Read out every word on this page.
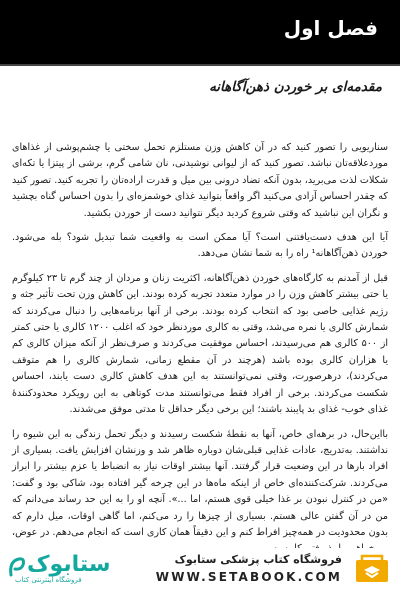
فصل اول
مقدمه‌ای بر خوردن ذهن‌آگاهانه

سناریویی را تصور کنید که در آن کاهش وزن مستلزم تحمل سختی یا چشم‌پوشی از غذاهای موردعلاقه‌تان نباشد. تصور کنید که از لیوانی نوشیدنی، نان شامی گرم، برشی از پیتزا یا تکه‌ای شکلات لذت می‌برید، بدون آنکه تضاد درونی بین میل و قدرت اراده‌تان را تجربه کنید. تصور کنید که چقدر احساس آزادی می‌کنید اگر واقعاً بتوانید غذای خوشمزه‌ای را بدون احساس گناه بچشید و نگران این نباشید که وقتی شروع کردید دیگر نتوانید دست از خوردن بکشید.

آیا این هدف دست‌یافتنی است؟ آیا ممکن است به واقعیت شما تبدیل شود؟ بله می‌شود. خوردن ذهن‌آگاهانه¹ راه را به شما نشان می‌دهد.

قبل از آمدنم به کارگاه‌های خوردن ذهن‌آگاهانه، اکثریت زنان و مردان از چند گرم تا ۲۳ کیلوگرم یا حتی بیشتر کاهش وزن را در موارد متعدد تجربه کرده بودند. این کاهش وزن تحت تأثیر جثه و رژیم غذایی خاصی بود که انتخاب کرده بودند. برخی از آنها برنامه‌هایی را دنبال می‌کردند که شمارش کالری یا نمره می‌شد، وقتی به کالری موردنظر خود که اغلب ۱۲۰۰ کالری یا حتی کمتر از ۵۰۰ کالری هم می‌رسیدند، احساس موفقیت می‌کردند و صرف‌نظر از آنکه میزان کالری کم یا هزاران کالری بوده باشد (هرچند در آن مقطع زمانی، شمارش کالری را هم متوقف می‌کردند)، درهرصورت، وقتی نمی‌توانستند به این هدف کاهش کالری دست یابند، احساس شکست می‌کردند. برخی از افراد فقط می‌توانستند مدت کوتاهی به این رویکرد محدودکنندهٔ غذای خوب- غذای بد پایبند باشند؛ این برخی دیگر حداقل تا مدتی موفق می‌شدند.

بااین‌حال، در برهه‌ای خاص، آنها به نقطهٔ شکست رسیدند و دیگر تحمل زندگی به این شیوه را نداشتند. به‌تدریج، عادات غذایی قبلی‌شان دوباره ظاهر شد و وزنشان افزایش یافت. بسیاری از افراد بارها در این وضعیت قرار گرفتند. آنها بیشتر اوقات نیاز به انضباط یا عزم بیشتر را ابراز می‌کردند. شرکت‌کننده‌ای خاص از اینکه ماه‌ها در این چرخه گیر افتاده بود، شاکی بود و گفت: «من در کنترل نبودن بر غذا خیلی قوی هستم، اما ...». آنچه او را به این حد رساند می‌دانم که من در آن گفتن عالی هستم. بسیاری از چیزها را رد می‌کنم، اما گاهی اوقات، میل دارم که بدون محدودیت در همه‌چیز افراط کنم و این دقیقاً همان کاری است که انجام می‌دهم. در عوض،

ستابوک
فروشگاه اینترنتی کتاب
فروشگاه کتاب پزشکی ستابوک
WWW.SETABOOK.COM
